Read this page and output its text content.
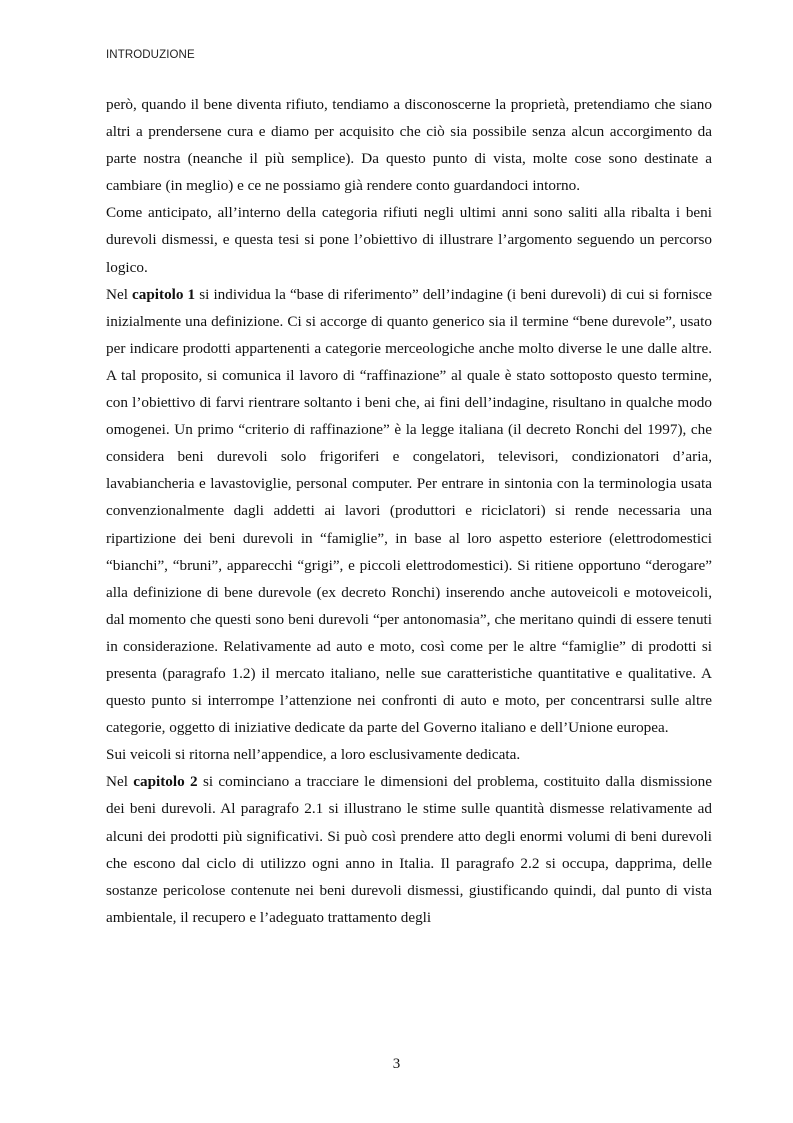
INTRODUZIONE

però, quando il bene diventa rifiuto, tendiamo a disconoscerne la proprietà, pretendiamo che siano altri a prendersene cura e diamo per acquisito che ciò sia possibile senza alcun accorgimento da parte nostra (neanche il più semplice). Da questo punto di vista, molte cose sono destinate a cambiare (in meglio) e ce ne possiamo già rendere conto guardandoci intorno.

Come anticipato, all’interno della categoria rifiuti negli ultimi anni sono saliti alla ribalta i beni durevoli dismessi, e questa tesi si pone l’obiettivo di illustrare l’argomento seguendo un percorso logico.

Nel capitolo 1 si individua la “base di riferimento” dell’indagine (i beni durevoli) di cui si fornisce inizialmente una definizione. Ci si accorge di quanto generico sia il termine “bene durevole”, usato per indicare prodotti appartenenti a categorie merceologiche anche molto diverse le une dalle altre. A tal proposito, si comunica il lavoro di “raffinazione” al quale è stato sottoposto questo termine, con l’obiettivo di farvi rientrare soltanto i beni che, ai fini dell’indagine, risultano in qualche modo omogenei. Un primo “criterio di raffinazione” è la legge italiana (il decreto Ronchi del 1997), che considera beni durevoli solo frigoriferi e congelatori, televisori, condizionatori d’aria, lavabiancheria e lavastoviglie, personal computer. Per entrare in sintonia con la terminologia usata convenzionalmente dagli addetti ai lavori (produttori e riciclatori) si rende necessaria una ripartizione dei beni durevoli in “famiglie”, in base al loro aspetto esteriore (elettrodomestici “bianchi”, “bruni”, apparecchi “grigi”, e piccoli elettrodomestici). Si ritiene opportuno “derogare” alla definizione di bene durevole (ex decreto Ronchi) inserendo anche autoveicoli e motoveicoli, dal momento che questi sono beni durevoli “per antonomasia”, che meritano quindi di essere tenuti in considerazione. Relativamente ad auto e moto, così come per le altre “famiglie” di prodotti si presenta (paragrafo 1.2) il mercato italiano, nelle sue caratteristiche quantitative e qualitative. A questo punto si interrompe l’attenzione nei confronti di auto e moto, per concentrarsi sulle altre categorie, oggetto di iniziative dedicate da parte del Governo italiano e dell’Unione europea.

Sui veicoli si ritorna nell’appendice, a loro esclusivamente dedicata.

Nel capitolo 2 si cominciano a tracciare le dimensioni del problema, costituito dalla dismissione dei beni durevoli. Al paragrafo 2.1 si illustrano le stime sulle quantità dismesse relativamente ad alcuni dei prodotti più significativi. Si può così prendere atto degli enormi volumi di beni durevoli che escono dal ciclo di utilizzo ogni anno in Italia. Il paragrafo 2.2 si occupa, dapprima, delle sostanze pericolose contenute nei beni durevoli dismessi, giustificando quindi, dal punto di vista ambientale, il recupero e l’adeguato trattamento degli

3
